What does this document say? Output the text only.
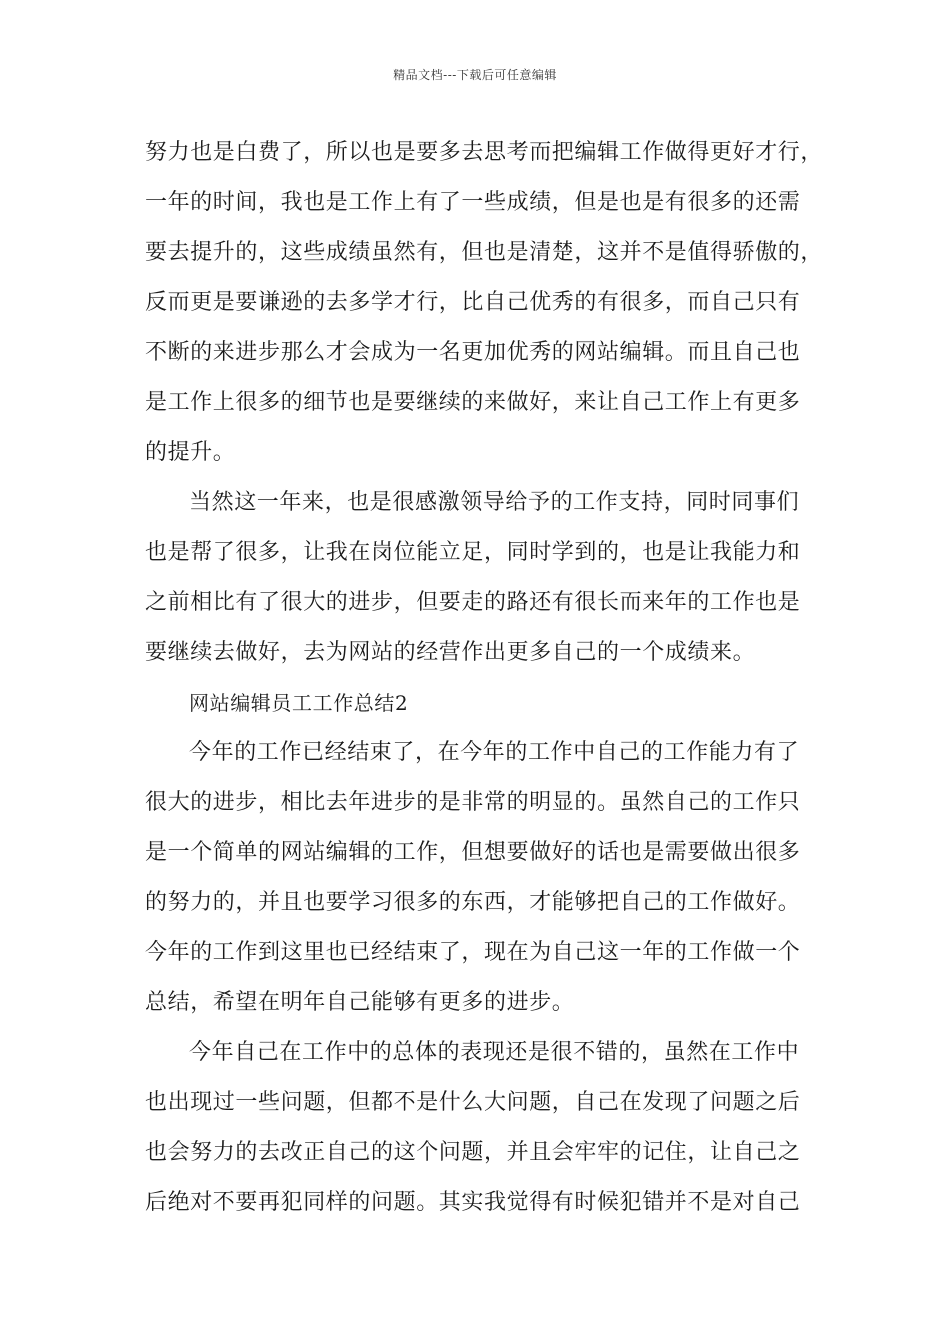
精品文档---下载后可任意编辑
努力也是白费了，所以也是要多去思考而把编辑工作做得更好才行，
一年的时间，我也是工作上有了一些成绩，但是也是有很多的还需
要去提升的，这些成绩虽然有，但也是清楚，这并不是值得骄傲的，
反而更是要谦逊的去多学才行，比自己优秀的有很多，而自己只有
不断的来进步那么才会成为一名更加优秀的网站编辑。而且自己也
是工作上很多的细节也是要继续的来做好，来让自己工作上有更多
的提升。
当然这一年来，也是很感激领导给予的工作支持，同时同事们
也是帮了很多，让我在岗位能立足，同时学到的，也是让我能力和
之前相比有了很大的进步，但要走的路还有很长而来年的工作也是
要继续去做好，去为网站的经营作出更多自己的一个成绩来。
网站编辑员工工作总结2
今年的工作已经结束了，在今年的工作中自己的工作能力有了
很大的进步，相比去年进步的是非常的明显的。虽然自己的工作只
是一个简单的网站编辑的工作，但想要做好的话也是需要做出很多
的努力的，并且也要学习很多的东西，才能够把自己的工作做好。
今年的工作到这里也已经结束了，现在为自己这一年的工作做一个
总结，希望在明年自己能够有更多的进步。
今年自己在工作中的总体的表现还是很不错的，虽然在工作中
也出现过一些问题，但都不是什么大问题，自己在发现了问题之后
也会努力的去改正自己的这个问题，并且会牢牢的记住，让自己之
后绝对不要再犯同样的问题。其实我觉得有时候犯错并不是对自己
